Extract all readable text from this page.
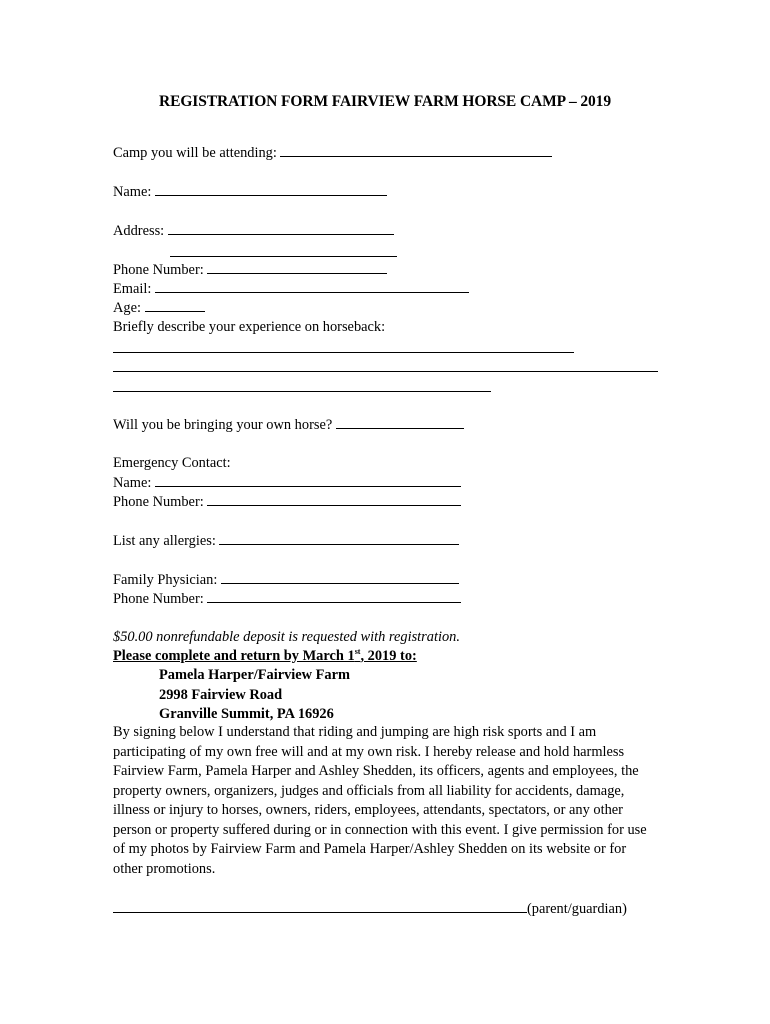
REGISTRATION FORM FAIRVIEW FARM HORSE CAMP – 2019
Camp you will be attending:
Name:
Address:
Phone Number:
Email:
Age:
Briefly describe your experience on horseback:
Will you be bringing your own horse?
Emergency Contact:
Name:
Phone Number:
List any allergies:
Family Physician:
Phone Number:
$50.00 nonrefundable deposit is requested with registration.
Please complete and return by March 1st, 2019 to:
Pamela Harper/Fairview Farm
2998 Fairview Road
Granville Summit, PA 16926
By signing below I understand that riding and jumping are high risk sports and I am participating of my own free will and at my own risk. I hereby release and hold harmless Fairview Farm, Pamela Harper and Ashley Shedden, its officers, agents and employees, the property owners, organizers, judges and officials from all liability for accidents, damage, illness or injury to horses, owners, riders, employees, attendants, spectators, or any other person or property suffered during or in connection with this event. I give permission for use of my photos by Fairview Farm and Pamela Harper/Ashley Shedden on its website or for other promotions.
(parent/guardian)
